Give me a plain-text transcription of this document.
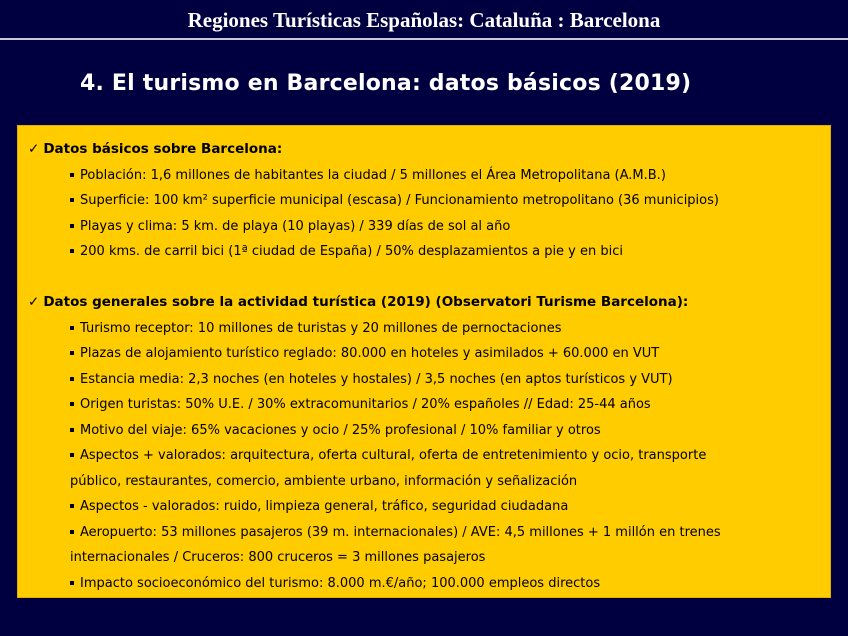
Regiones Turísticas Españolas: Cataluña : Barcelona
4. El turismo en Barcelona: datos básicos (2019)
✓ Datos básicos sobre Barcelona:
Población: 1,6 millones de habitantes la ciudad / 5 millones el Área Metropolitana (A.M.B.)
Superficie: 100 km² superficie municipal (escasa) / Funcionamiento metropolitano (36 municipios)
Playas y clima: 5 km. de playa (10 playas) / 339 días de sol al año
200 kms. de carril bici (1ª ciudad de España) / 50% desplazamientos a pie y en bici
✓ Datos generales sobre la actividad turística (2019) (Observatori Turisme Barcelona):
Turismo receptor: 10 millones de turistas y 20 millones de pernoctaciones
Plazas de alojamiento turístico reglado: 80.000 en hoteles y asimilados + 60.000 en VUT
Estancia media: 2,3 noches (en hoteles y hostales) / 3,5 noches (en aptos turísticos y VUT)
Origen turistas: 50% U.E. / 30% extracomunitarios / 20% españoles // Edad: 25-44 años
Motivo del viaje: 65% vacaciones y ocio / 25% profesional / 10% familiar y otros
Aspectos + valorados: arquitectura, oferta cultural, oferta de entretenimiento y ocio, transporte
público, restaurantes, comercio, ambiente urbano, información y señalización
Aspectos - valorados: ruido, limpieza general, tráfico, seguridad ciudadana
Aeropuerto: 53 millones pasajeros (39 m. internacionales) / AVE: 4,5 millones + 1 millón en trenes
internacionales / Cruceros: 800 cruceros = 3 millones pasajeros
Impacto socioeconómico del turismo: 8.000 m.€/año; 100.000 empleos directos
